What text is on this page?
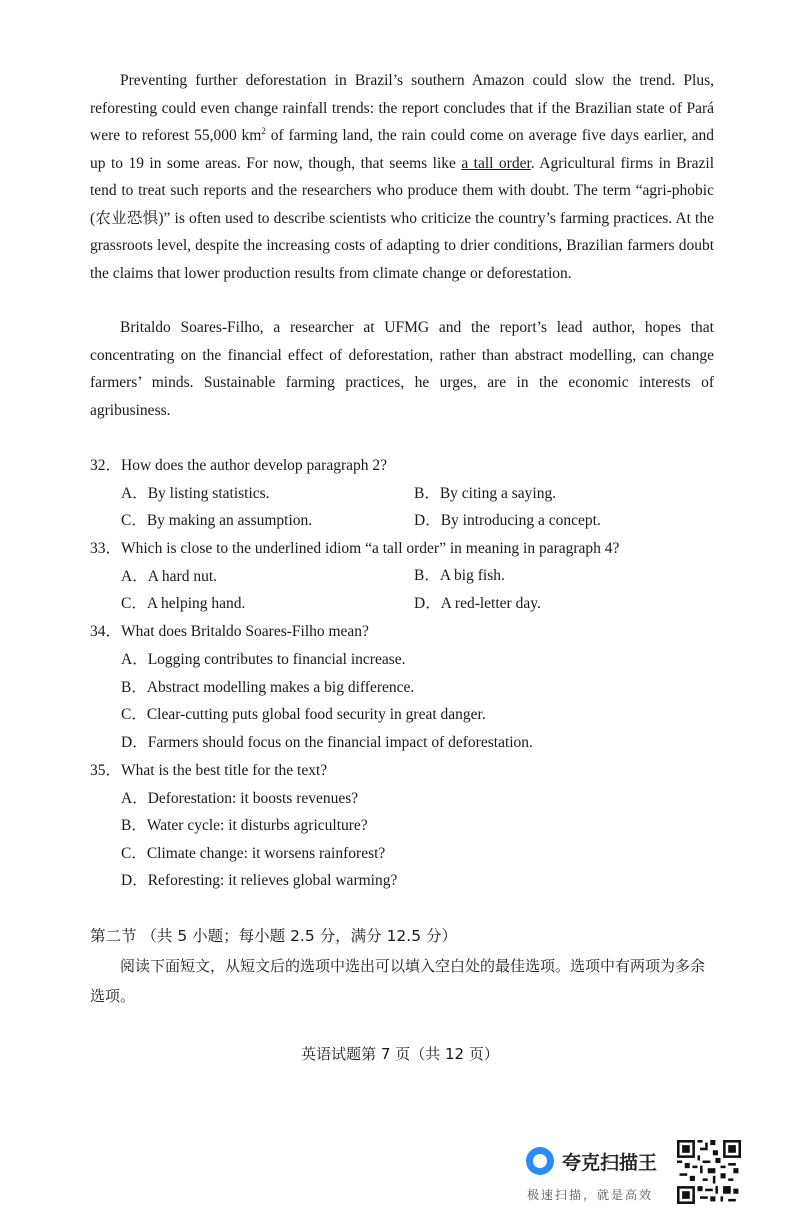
Preventing further deforestation in Brazil’s southern Amazon could slow the trend. Plus, reforesting could even change rainfall trends: the report concludes that if the Brazilian state of Pará were to reforest 55,000 $km^2$ of farming land, the rain could come on average five days earlier, and up to 19 in some areas. For now, though, that seems like a tall order. Agricultural firms in Brazil tend to treat such reports and the researchers who produce them with doubt. The term “agri-phobic (农业恐惧)” is often used to describe scientists who criticize the country’s farming practices. At the grassroots level, despite the increasing costs of adapting to drier conditions, Brazilian farmers doubt the claims that lower production results from climate change or deforestation.

Britaldo Soares-Filho, a researcher at UFMG and the report’s lead author, hopes that concentrating on the financial effect of deforestation, rather than abstract modelling, can change farmers’ minds. Sustainable farming practices, he urges, are in the economic interests of agribusiness.

32．How does the author develop paragraph 2?
A．By listing statistics.	B．By citing a saying.
C．By making an assumption.	D．By introducing a concept.
33．Which is close to the underlined idiom “a tall order” in meaning in paragraph 4?
A．A hard nut.	B．A big fish.
C．A helping hand.	D．A red-letter day.
34．What does Britaldo Soares-Filho mean?
A．Logging contributes to financial increase.
B．Abstract modelling makes a big difference.
C．Clear-cutting puts global food security in great danger.
D．Farmers should focus on the financial impact of deforestation.
35．What is the best title for the text?
A．Deforestation: it boosts revenues?
B．Water cycle: it disturbs agriculture?
C．Climate change: it worsens rainforest?
D．Reforesting: it relieves global warming?
第二节 （共 5 小题；每小题 2.5 分，满分 12.5 分）

阅读下面短文，从短文后的选项中选出可以填入空白处的最佳选项。选项中有两项为多余选项。

英语试题第 7 页（共 12 页）
夸克扫描王
极速扫描，就是高效
